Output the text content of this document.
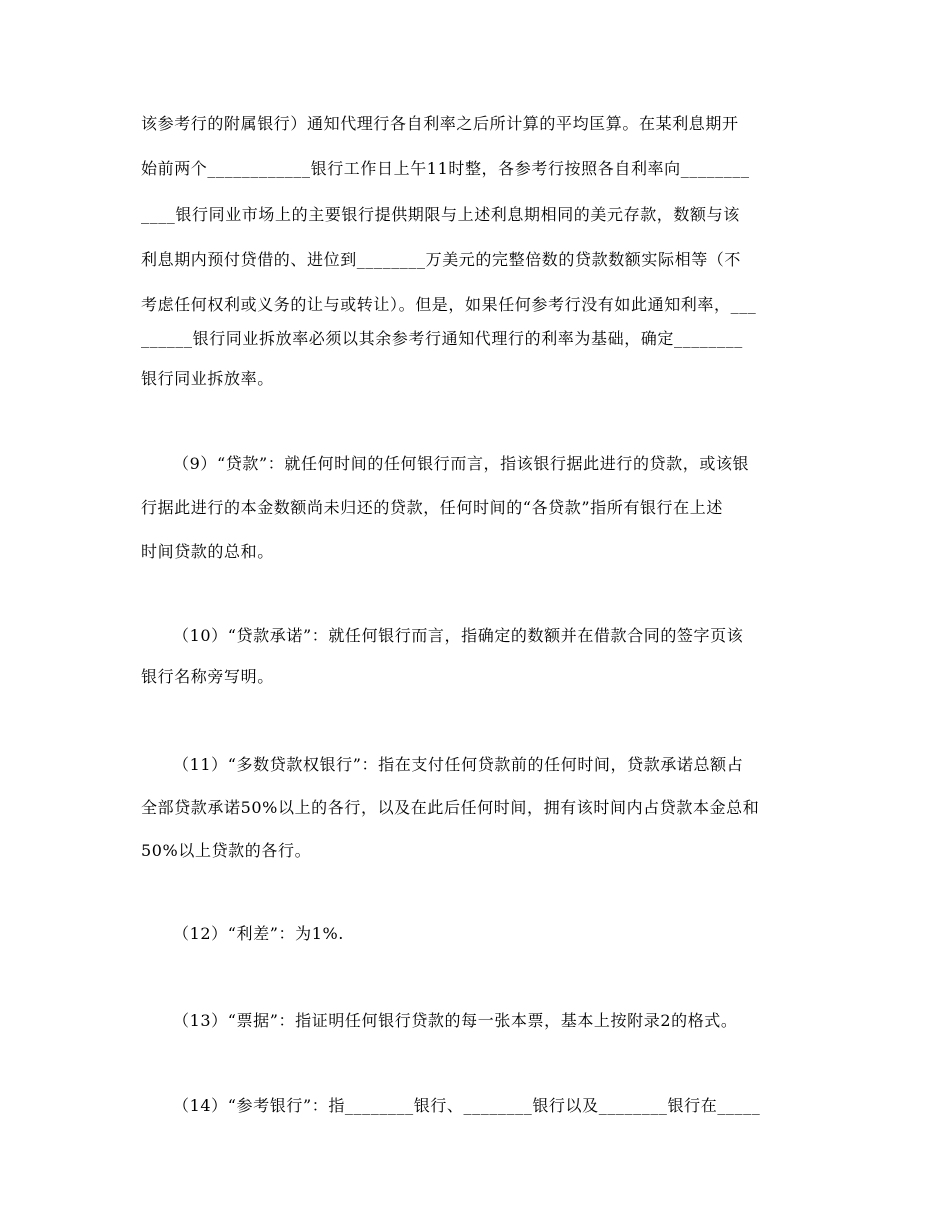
该参考行的附属银行）通知代理行各自利率之后所计算的平均匡算。在某利息期开
始前两个____________银行工作日上午11时整，各参考行按照各自利率向________
____银行同业市场上的主要银行提供期限与上述利息期相同的美元存款，数额与该
利息期内预付贷借的、进位到________万美元的完整倍数的贷款数额实际相等（不
考虑任何权利或义务的让与或转让）。但是，如果任何参考行没有如此通知利率，___
______银行同业拆放率必须以其余参考行通知代理行的利率为基础，确定________
银行同业拆放率。
（9）“贷款”：就任何时间的任何银行而言，指该银行据此进行的贷款，或该银
行据此进行的本金数额尚未归还的贷款，任何时间的“各贷款”指所有银行在上述
时间贷款的总和。
（10）“贷款承诺”：就任何银行而言，指确定的数额并在借款合同的签字页该
银行名称旁写明。
（11）“多数贷款权银行”：指在支付任何贷款前的任何时间，贷款承诺总额占
全部贷款承诺50%以上的各行，以及在此后任何时间，拥有该时间内占贷款本金总和
50%以上贷款的各行。
（12）“利差”：为1%.
（13）“票据”：指证明任何银行贷款的每一张本票，基本上按附录2的格式。
（14）“参考银行”：指________银行、________银行以及________银行在_____
